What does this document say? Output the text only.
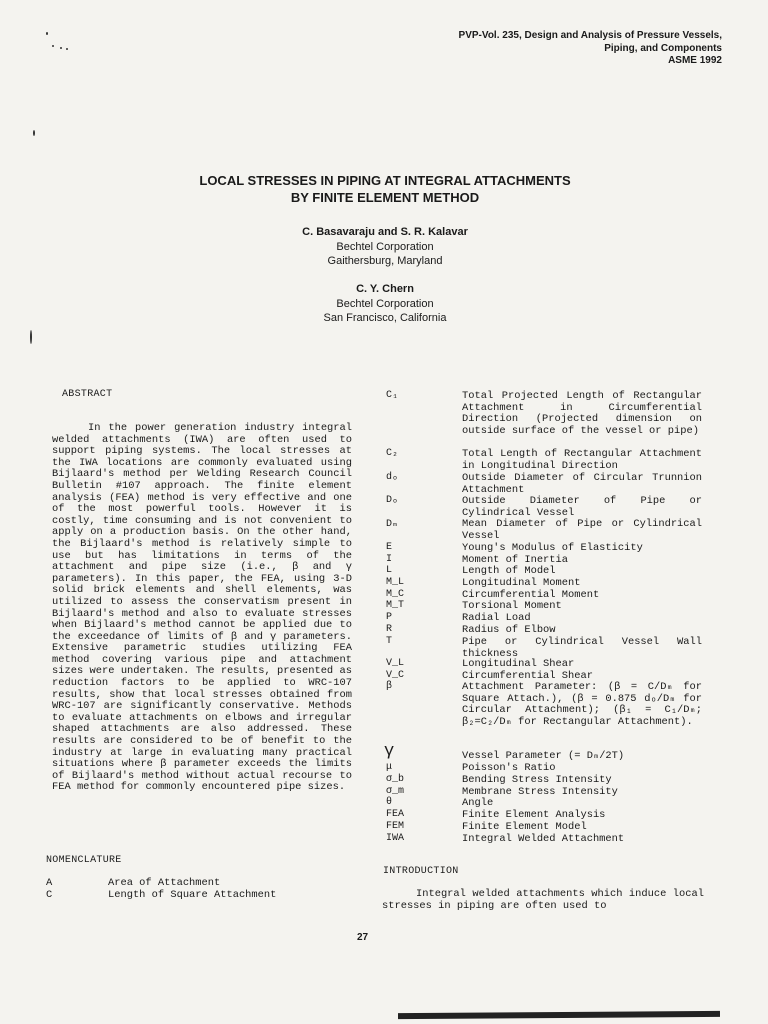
PVP-Vol. 235, Design and Analysis of Pressure Vessels,
Piping, and Components
ASME 1992
LOCAL STRESSES IN PIPING AT INTEGRAL ATTACHMENTS
BY FINITE ELEMENT METHOD
C. Basavaraju and S. R. Kalavar
Bechtel Corporation
Gaithersburg, Maryland
C. Y. Chern
Bechtel Corporation
San Francisco, California
ABSTRACT

In the power generation industry integral welded attachments (IWA) are often used to support piping systems. The local stresses at the IWA locations are commonly evaluated using Bijlaard's method per Welding Research Council Bulletin #107 approach. The finite element analysis (FEA) method is very effective and one of the most powerful tools. However it is costly, time consuming and is not convenient to apply on a production basis. On the other hand, the Bijlaard's method is relatively simple to use but has limitations in terms of the attachment and pipe size (i.e., β and γ parameters). In this paper, the FEA, using 3-D solid brick elements and shell elements, was utilized to assess the conservatism present in Bijlaard's method and also to evaluate stresses when Bijlaard's method cannot be applied due to the exceedance of limits of β and γ parameters. Extensive parametric studies utilizing FEA method covering various pipe and attachment sizes were undertaken. The results, presented as reduction factors to be applied to WRC-107 results, show that local stresses obtained from WRC-107 are significantly conservative. Methods to evaluate attachments on elbows and irregular shaped attachments are also addressed. These results are considered to be of benefit to the industry at large in evaluating many practical situations where β parameter exceeds the limits of Bijlaard's method without actual recourse to FEA method for commonly encountered pipe sizes.

NOMENCLATURE
A	Area of Attachment
C	Length of Square Attachment
C₁	Total Projected Length of Rectangular Attachment in Circumferential Direction (Projected dimension on outside surface of the vessel or pipe)
C₂	Total Length of Rectangular Attachment in Longitudinal Direction
dₒ	Outside Diameter of Circular Trunnion Attachment
Dₒ	Outside Diameter of Pipe or Cylindrical Vessel
Dₘ	Mean Diameter of Pipe or Cylindrical Vessel
E	Young's Modulus of Elasticity
I	Moment of Inertia
L	Length of Model
M_L	Longitudinal Moment
M_C	Circumferential Moment
M_T	Torsional Moment
P	Radial Load
R	Radius of Elbow
T	Pipe or Cylindrical Vessel Wall thickness
V_L	Longitudinal Shear
V_C	Circumferential Shear
β	Attachment Parameter: (β = C/Dₘ for Square Attach.), (β = 0.875 dₒ/Dₘ for Circular Attachment); (β₁ = C₁/Dₘ; β₂=C₂/Dₘ for Rectangular Attachment).
γ	Vessel Parameter (= Dₘ/2T)
μ	Poisson's Ratio
σ_b	Bending Stress Intensity
σ_m	Membrane Stress Intensity
θ	Angle
FEA	Finite Element Analysis
FEM	Finite Element Model
IWA	Integral Welded Attachment
INTRODUCTION

Integral welded attachments which induce local stresses in piping are often used to

27
